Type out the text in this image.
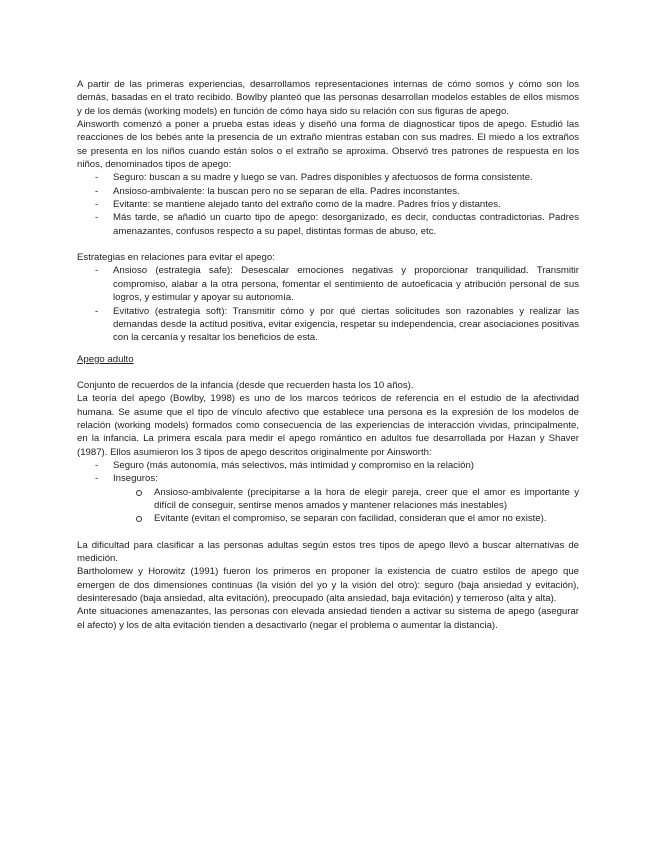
A partir de las primeras experiencias, desarrollamos representaciones internas de cómo somos y cómo son los demás, basadas en el trato recibido. Bowlby planteó que las personas desarrollan modelos estables de ellos mismos y de los demás (working models) en función de cómo haya sido su relación con sus figuras de apego.

Ainsworth comenzó a poner a prueba estas ideas y diseñó una forma de diagnosticar tipos de apego. Estudió las reacciones de los bebés ante la presencia de un extraño mientras estaban con sus madres. El miedo a los extraños se presenta en los niños cuando están solos o el extraño se aproxima. Observó tres patrones de respuesta en los niños, denominados tipos de apego:

- Seguro: buscan a su madre y luego se van. Padres disponibles y afectuosos de forma consistente.
- Ansioso-ambivalente: la buscan pero no se separan de ella. Padres inconstantes.
- Evitante: se mantiene alejado tanto del extraño como de la madre. Padres fríos y distantes.
- Más tarde, se añadió un cuarto tipo de apego: desorganizado, es decir, conductas contradictorias. Padres amenazantes, confusos respecto a su papel, distintas formas de abuso, etc.

Estrategias en relaciones para evitar el apego:

- Ansioso (estrategia safe): Desescalar emociones negativas y proporcionar tranquilidad. Transmitir compromiso, alabar a la otra persona, fomentar el sentimiento de autoeficacia y atribución personal de sus logros, y estimular y apoyar su autonomía.
- Evitativo (estrategia soft): Transmitir cómo y por qué ciertas solicitudes son razonables y realizar las demandas desde la actitud positiva, evitar exigencia, respetar su independencia, crear asociaciones positivas con la cercanía y resaltar los beneficios de esta.

Apego adulto

Conjunto de recuerdos de la infancia (desde que recuerden hasta los 10 años).

La teoría del apego (Bowlby, 1998) es uno de los marcos teóricos de referencia en el estudio de la afectividad humana. Se asume que el tipo de vínculo afectivo que establece una persona es la expresión de los modelos de relación (working models) formados como consecuencia de las experiencias de interacción vividas, principalmente, en la infancia. La primera escala para medir el apego romántico en adultos fue desarrollada por Hazan y Shaver (1987). Ellos asumieron los 3 tipos de apego descritos originalmente por Ainsworth:

- Seguro (más autonomía, más selectivos, más intimidad y compromiso en la relación)
- Inseguros:
Ansioso-ambivalente (precipitarse a la hora de elegir pareja, creer que el amor es importante y difícil de conseguir, sentirse menos amados y mantener relaciones más inestables)
Evitante (evitan el compromiso, se separan con facilidad, consideran que el amor no existe).

La dificultad para clasificar a las personas adultas según estos tres tipos de apego llevó a buscar alternativas de medición.

Bartholomew y Horowitz (1991) fueron los primeros en proponer la existencia de cuatro estilos de apego que emergen de dos dimensiones continuas (la visión del yo y la visión del otro): seguro (baja ansiedad y evitación), desinteresado (baja ansiedad, alta evitación), preocupado (alta ansiedad, baja evitación) y temeroso (alta y alta).

Ante situaciones amenazantes, las personas con elevada ansiedad tienden a activar su sistema de apego (asegurar el afecto) y los de alta evitación tienden a desactivarlo (negar el problema o aumentar la distancia).
